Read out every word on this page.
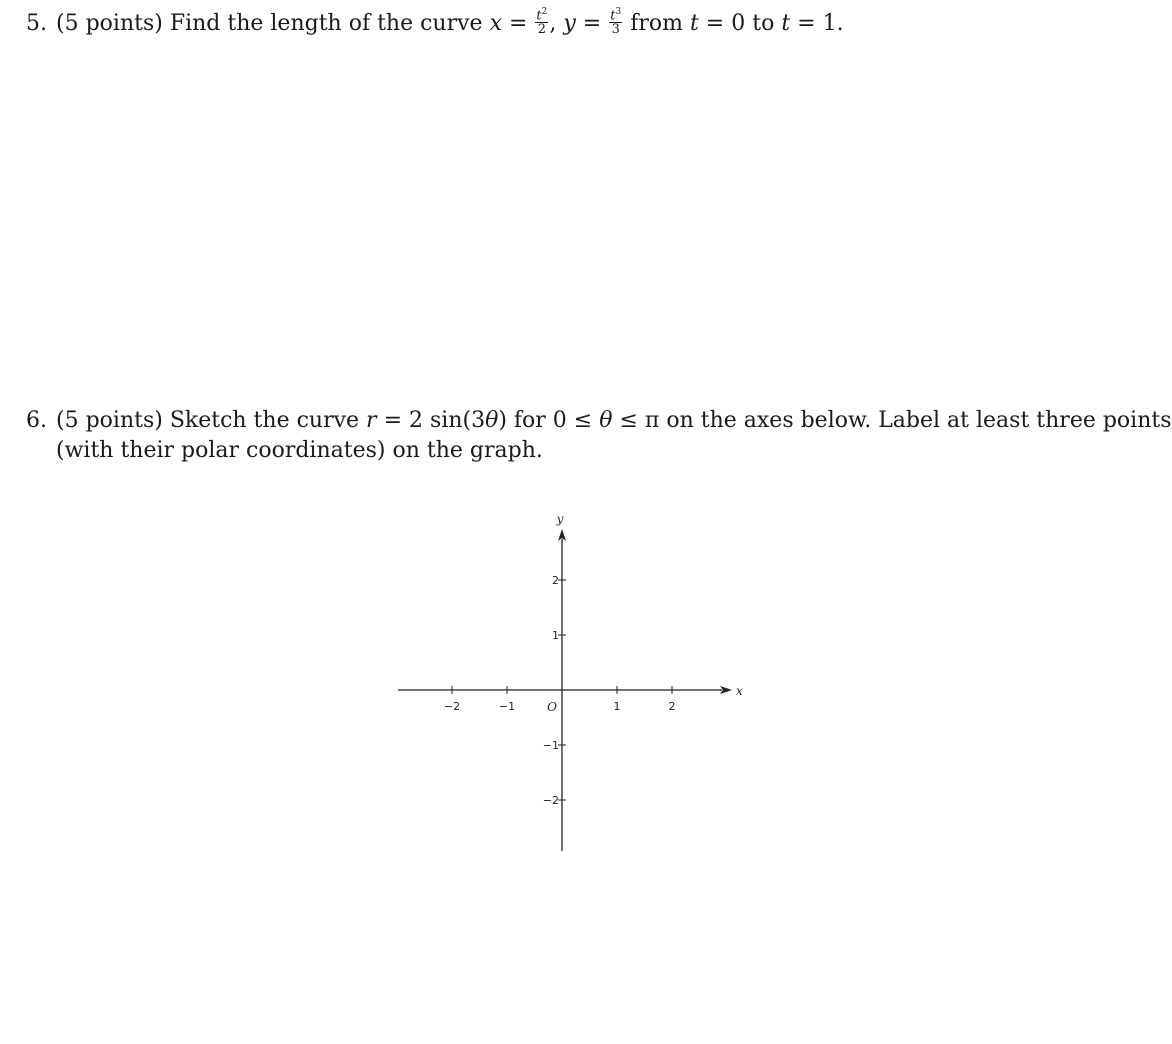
5. (5 points) Find the length of the curve $x = \frac{t^2}{2}$ , $y = \frac{t^3}{3}$ from t = 0 to t = 1.
6. (5 points) Sketch the curve r = 2 sin(3θ) for 0 ≤ θ ≤ π on the axes below. Label at least three points
(with their polar coordinates) on the graph.
−2	−1	1	2
2
1
−1
−2
x
y
O
